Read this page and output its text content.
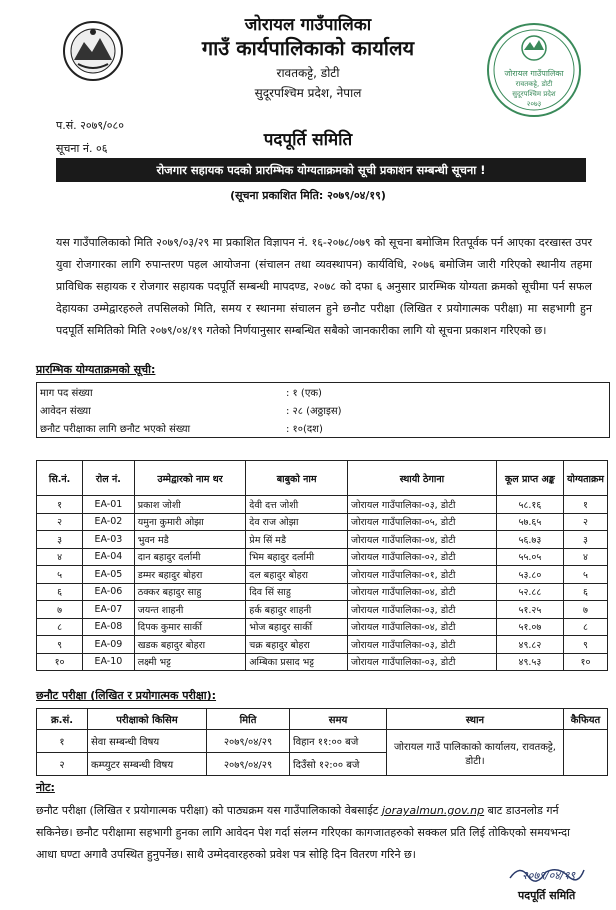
जोरायल गाउँपालिका
रावतकट्टे, डोटी
सुदूरपश्चिम प्रदेश
२०७३
जोरायल गाउँपालिका
गाउँ कार्यपालिकाको कार्यालय
रावतकट्टे, डोटी
सुदूरपश्चिम प्रदेश, नेपाल
प.सं. २०७९/०८०
सूचना नं. ०६	पदपूर्ति समिति
रोजगार सहायक पदको प्रारम्भिक योग्यताक्रमको सूची प्रकाशन सम्बन्धी सूचना !
(सूचना प्रकाशित मिति: २०७९/०४/१९)
यस गाउँपालिकाको मिति २०७९/०३/२९ मा प्रकाशित विज्ञापन नं. १६-२०७८/०७९ को सूचना बमोजिम रितपूर्वक पर्न आएका दरखास्त उपर युवा रोजगारका लागि रुपान्तरण पहल आयोजना (संचालन तथा व्यवस्थापन) कार्यविधि, २०७६ बमोजिम जारी गरिएको स्थानीय तहमा प्राविधिक सहायक र रोजगार सहायक पदपूर्ति सम्बन्धी मापदण्ड, २०७८ को दफा ६ अनुसार प्रारम्भिक योग्यता क्रमको सूचीमा पर्न सफल देहायका उम्मेद्वारहरुले तपसिलको मिति, समय र स्थानमा संचालन हुने छनौट परीक्षा (लिखित र प्रयोगात्मक परीक्षा) मा सहभागी हुन पदपूर्ति समितिको मिति २०७९/०४/१९ गतेको निर्णयानुसार सम्बन्धित सबैको जानकारीका लागि यो सूचना प्रकाशन गरिएको छ।
प्रारम्भिक योग्यताक्रमको सूची:
माग पद संख्या	: १ (एक)
आवेदन संख्या	: २८ (अठ्ठाइस)
छनौट परीक्षाका लागि छनौट भएको संख्या	: १०(दश)
सि.नं.	रोल नं.	उम्मेद्वारको नाम थर	बाबुको नाम	स्थायी ठेगाना	कूल प्राप्त अङ्क	योग्यताक्रम
१	EA-01	प्रकाश जोशी	देवी दत्त जोशी	जोरायल गाउँपालिका-०३, डोटी	५८.१६	१
२	EA-02	यमुना कुमारी ओझा	देव राज ओझा	जोरायल गाउँपालिका-०५, डोटी	५७.६५	२
३	EA-03	भुवन मडै	प्रेम सिं मडै	जोरायल गाउँपालिका-०४, डोटी	५६.७३	३
४	EA-04	दान बहादुर दर्लामी	भिम बहादुर दर्लामी	जोरायल गाउँपालिका-०२, डोटी	५५.०५	४
५	EA-05	डम्मर बहादुर बोहरा	दल बहादुर बोहरा	जोरायल गाउँपालिका-०१, डोटी	५३.८०	५
६	EA-06	ठक्कर बहादुर साहु	दिव सिं साहु	जोरायल गाउँपालिका-०४, डोटी	५२.८८	६
७	EA-07	जयन्त शाहनी	हर्क बहादुर शाहनी	जोरायल गाउँपालिका-०३, डोटी	५१.२५	७
८	EA-08	दिपक कुमार सार्की	भोज बहादुर सार्की	जोरायल गाउँपालिका-०४, डोटी	५१.०७	८
९	EA-09	खडक बहादुर बोहरा	चक्र बहादुर बोहरा	जोरायल गाउँपालिका-०३, डोटी	४९.८२	९
१०	EA-10	लक्ष्मी भट्ट	अम्बिका प्रसाद भट्ट	जोरायल गाउँपालिका-०३, डोटी	४९.५३	१०
छनौट परीक्षा (लिखित र प्रयोगात्मक परीक्षा):
क्र.सं.	परीक्षाको किसिम	मिति	समय	स्थान	कैफियत
१	सेवा सम्बन्धी विषय	२०७९/०४/२९	विहान ११:०० बजे	जोरायल गाउँ पालिकाको कार्यालय, रावतकट्टे, डोटी।	
२	कम्प्युटर सम्बन्धी विषय	२०७९/०४/२९	दिउँसो १२:०० बजे		
नोट:
छनौट परीक्षा (लिखित र प्रयोगात्मक परीक्षा) को पाठ्यक्रम यस गाउँपालिकाको वेबसाईट jorayalmun.gov.np बाट डाउनलोड गर्न सकिनेछ। छनौट परीक्षामा सहभागी हुनका लागि आवेदन पेश गर्दा संलग्न गरिएका कागजातहरुको सक्कल प्रति लिई तोकिएको समयभन्दा आधा घण्टा अगावै उपस्थित हुनुपर्नेछ। साथै उम्मेदवारहरुको प्रवेश पत्र सोहि दिन वितरण गरिने छ।
२०७९/०४/१९
पदपूर्ति समिति
